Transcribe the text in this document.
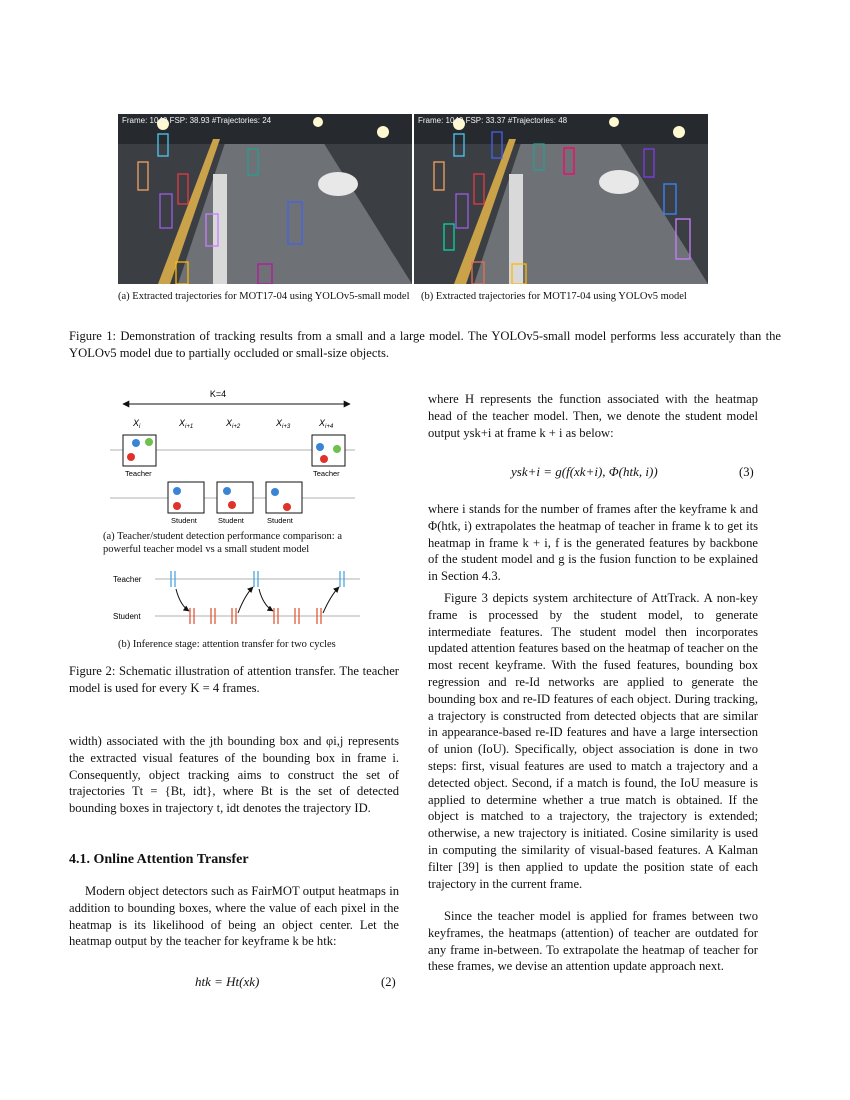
Frame: 1040 FSP: 38.93 #Trajectories: 24	Frame: 1040 FSP: 33.37 #Trajectories: 48
(a) Extracted trajectories for MOT17-04 using YOLOv5-small model	(b) Extracted trajectories for MOT17-04 using YOLOv5 model
Figure 1: Demonstration of tracking results from a small and a large model. The YOLOv5-small model performs less accurately than the YOLOv5 model due to partially occluded or small-size objects.
K=4
$X_i$	$X_{i+1}$	$X_{i+2}$	$X_{i+3}$	$X_{i+4}$
Teacher	Teacher
Student	Student	Student
(a) Teacher/student detection performance comparison: a powerful teacher model vs a small student model
Teacher
Student
(b) Inference stage: attention transfer for two cycles
Figure 2: Schematic illustration of attention transfer. The teacher model is used for every K = 4 frames.
width) associated with the jth bounding box and φi,j represents the extracted visual features of the bounding box in frame i. Consequently, object tracking aims to construct the set of trajectories Tt = {Bt, idt}, where Bt is the set of detected bounding boxes in trajectory t, idt denotes the trajectory ID.
4.1. Online Attention Transfer
Modern object detectors such as FairMOT output heatmaps in addition to bounding boxes, where the value of each pixel in the heatmap is its likelihood of being an object center. Let the heatmap output by the teacher for keyframe k be htk:
htk = Ht(xk)	(2)
where H represents the function associated with the heatmap head of the teacher model. Then, we denote the student model output ysk+i at frame k + i as below:
ysk+i = g(f(xk+i), Φ(htk, i))	(3)
where i stands for the number of frames after the keyframe k and Φ(htk, i) extrapolates the heatmap of teacher in frame k to get its heatmap in frame k + i, f is the generated features by backbone of the student model and g is the fusion function to be explained in Section 4.3.
Figure 3 depicts system architecture of AttTrack. A non-key frame is processed by the student model, to generate intermediate features. The student model then incorporates updated attention features based on the heatmap of teacher on the most recent keyframe. With the fused features, bounding box regression and re-Id networks are applied to generate the bounding box and re-ID features of each object. During tracking, a trajectory is constructed from detected objects that are similar in appearance-based re-ID features and have a large intersection of union (IoU). Specifically, object association is done in two steps: first, visual features are used to match a trajectory and a detected object. Second, if a match is found, the IoU measure is applied to determine whether a true match is obtained. If the object is matched to a trajectory, the trajectory is extended; otherwise, a new trajectory is initiated. Cosine similarity is used in computing the similarity of visual-based features. A Kalman filter [39] is then applied to update the position state of each trajectory in the current frame.
Since the teacher model is applied for frames between two keyframes, the heatmaps (attention) of teacher are outdated for any frame in-between. To extrapolate the heatmap of teacher for these frames, we devise an attention update approach next.
